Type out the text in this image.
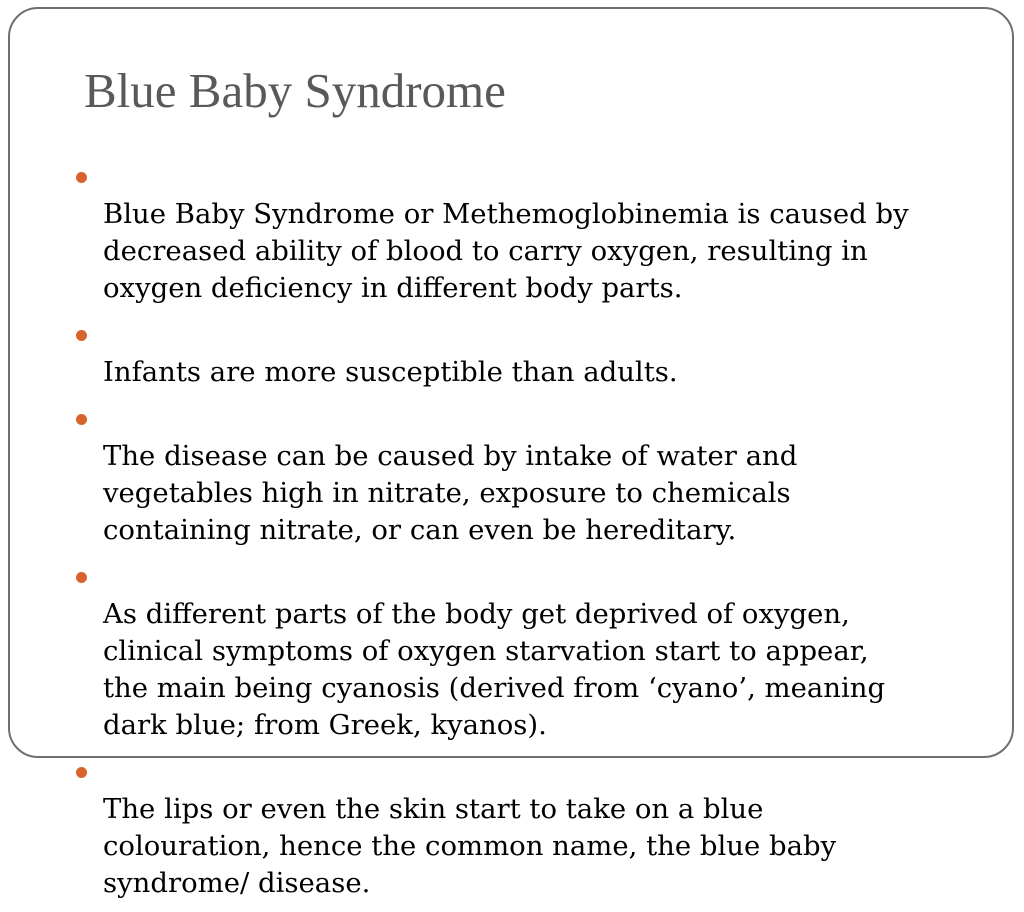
Blue Baby Syndrome

Blue Baby Syndrome or Methemoglobinemia is caused by
decreased ability of blood to carry oxygen, resulting in
oxygen deficiency in different body parts.

Infants are more susceptible than adults.

The disease can be caused by intake of water and
vegetables high in nitrate, exposure to chemicals
containing nitrate, or can even be hereditary.

As different parts of the body get deprived of oxygen,
clinical symptoms of oxygen starvation start to appear,
the main being cyanosis (derived from ‘cyano’, meaning
dark blue; from Greek, kyanos).

The lips or even the skin start to take on a blue
colouration, hence the common name, the blue baby
syndrome/ disease.
